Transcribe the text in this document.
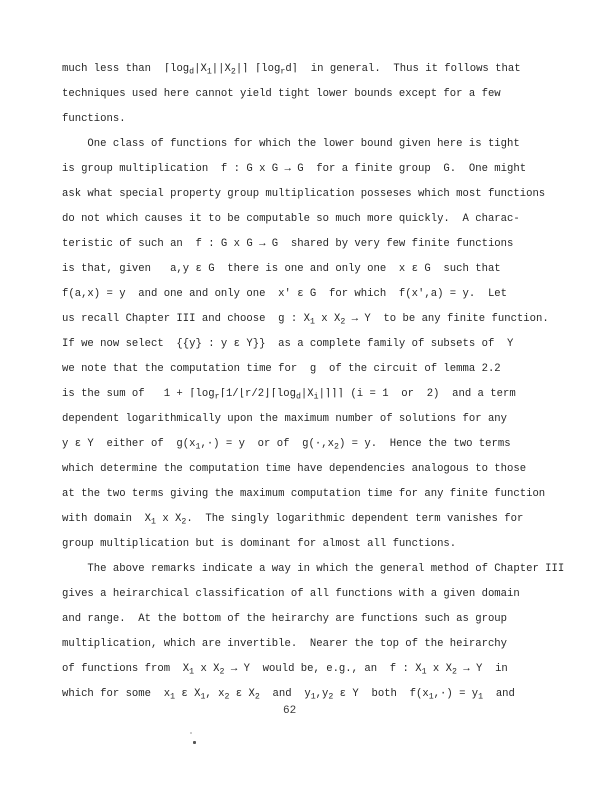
much less than  $⌈\log_d|X_1||X_2|⌉$ $⌈\log_rd⌉$  in general.  Thus it follows that
techniques used here cannot yield tight lower bounds except for a few
functions.
One class of functions for which the lower bound given here is tight
is group multiplication  f : G x G → G  for a finite group  G.  One might
ask what special property group multiplication posseses which most functions
do not which causes it to be computable so much more quickly.  A charac-
teristic of such an  f : G x G → G  shared by very few finite functions
is that, given   a,y ε G  there is one and only one  x ε G  such that
f(a,x) = y  and one and only one  x′ ε G  for which  f(x′,a) = y.  Let
us recall Chapter III and choose  g : $X_1$ x $X_2 \to Y$  to be any finite function.
If we now select  {{y} : y ε Y}}  as a complete family of subsets of  Y
we note that the computation time for  g  of the circuit of lemma 2.2
is the sum of   $1 + ⌈\log_r⌈1/⌊r/2⌋⌈\log_d|X_i|⌉⌉⌉$ (i = 1  or  2)  and a term
dependent logarithmically upon the maximum number of solutions for any
y ε Y  either of  $g(x_1,\cdot) = y$  or of  $g(\cdot,x_2) = y$.  Hence the two terms
which determine the computation time have dependencies analogous to those
at the two terms giving the maximum computation time for any finite function
with domain  $X_1$ x $X_2$.  The singly logarithmic dependent term vanishes for
group multiplication but is dominant for almost all functions.
The above remarks indicate a way in which the general method of Chapter III
gives a heirarchical classification of all functions with a given domain
and range.  At the bottom of the heirarchy are functions such as group
multiplication, which are invertible.  Nearer the top of the heirarchy
of functions from  $X_1$ x $X_2 \to Y$  would be, e.g., an  f : $X_1$ x $X_2 \to Y$  in
which for some  $x_1$ ε $X_1$, $x_2$ ε $X_2$  and  $y_1,y_2$ ε Y  both  $f(x_1,\cdot) = y_1$  and
62
